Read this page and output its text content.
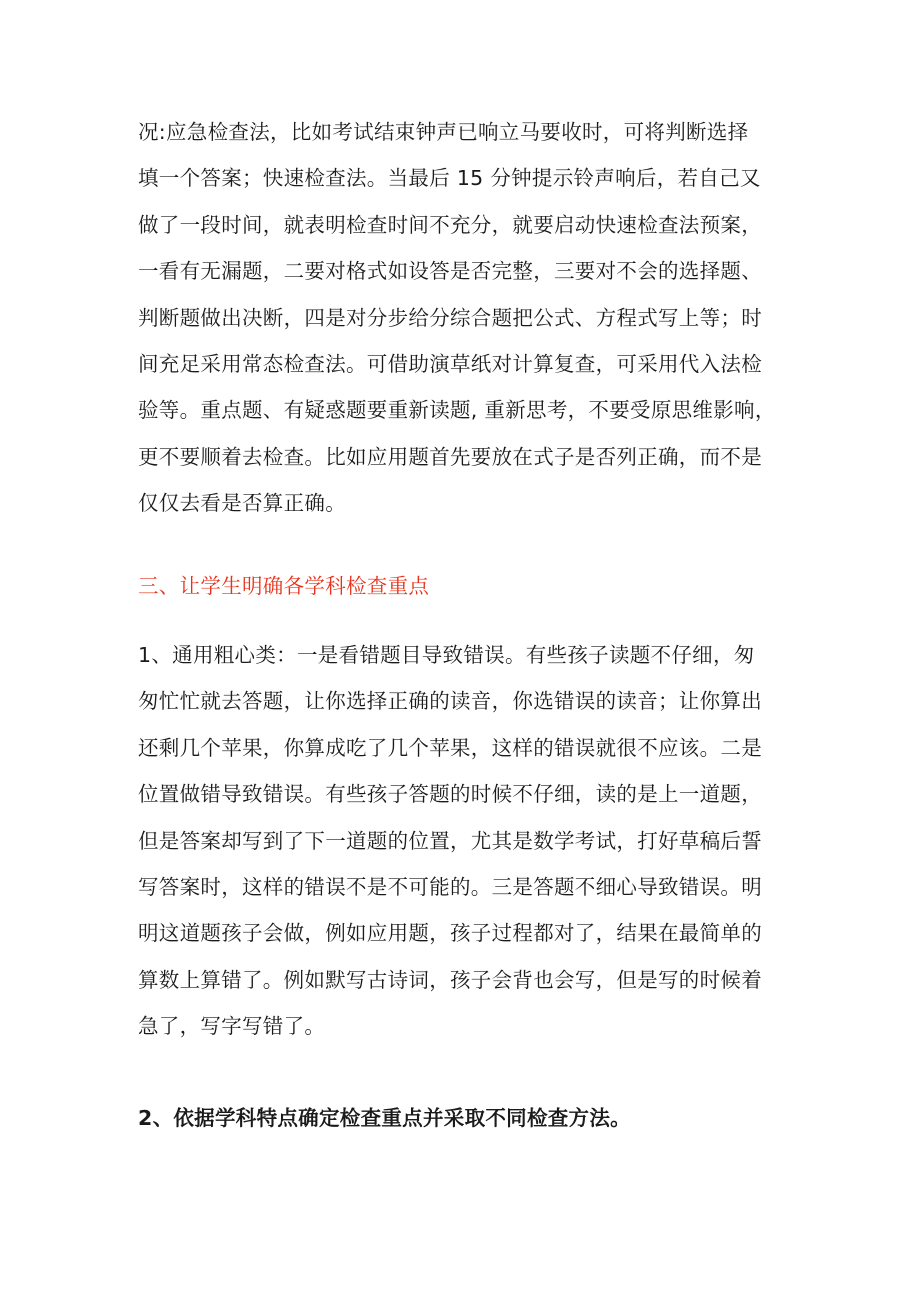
况:应急检查法，比如考试结束钟声已响立马要收时，可将判断选择
填一个答案；快速检查法。当最后 15 分钟提示铃声响后，若自己又
做了一段时间，就表明检查时间不充分，就要启动快速检查法预案，
一看有无漏题，二要对格式如设答是否完整，三要对不会的选择题、
判断题做出决断，四是对分步给分综合题把公式、方程式写上等；时
间充足采用常态检查法。可借助演草纸对计算复查，可采用代入法检
验等。重点题、有疑惑题要重新读题, 重新思考，不要受原思维影响，
更不要顺着去检查。比如应用题首先要放在式子是否列正确，而不是
仅仅去看是否算正确。
三、让学生明确各学科检查重点
1、通用粗心类：一是看错题目导致错误。有些孩子读题不仔细，匆
匆忙忙就去答题，让你选择正确的读音，你选错误的读音；让你算出
还剩几个苹果，你算成吃了几个苹果，这样的错误就很不应该。二是
位置做错导致错误。有些孩子答题的时候不仔细，读的是上一道题，
但是答案却写到了下一道题的位置，尤其是数学考试，打好草稿后誓
写答案时，这样的错误不是不可能的。三是答题不细心导致错误。明
明这道题孩子会做，例如应用题，孩子过程都对了，结果在最简单的
算数上算错了。例如默写古诗词，孩子会背也会写，但是写的时候着
急了，写字写错了。
2、依据学科特点确定检查重点并采取不同检查方法。
